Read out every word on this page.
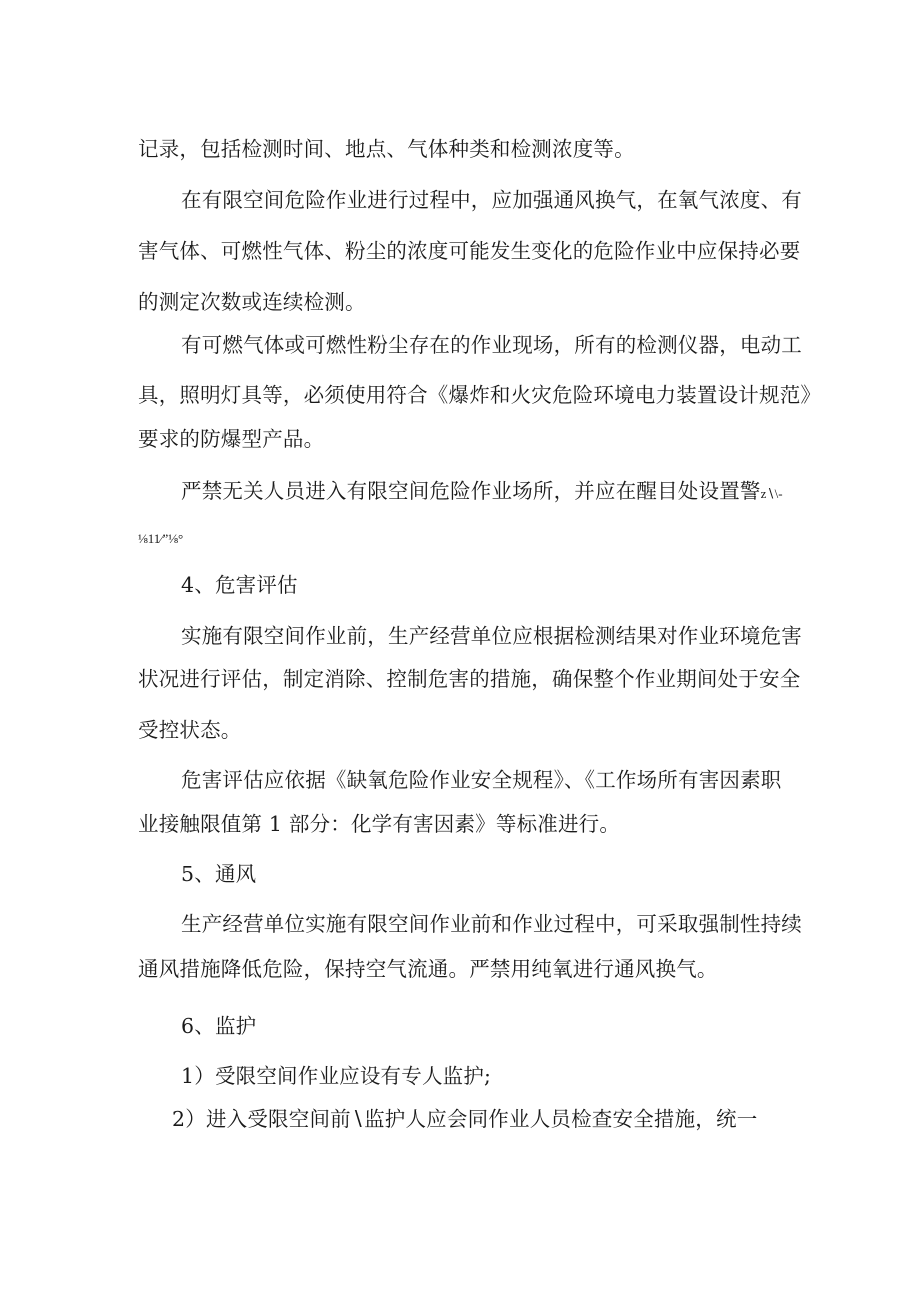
记录，包括检测时间、地点、气体种类和检测浓度等。
在有限空间危险作业进行过程中，应加强通风换气，在氧气浓度、有
害气体、可燃性气体、粉尘的浓度可能发生变化的危险作业中应保持必要
的测定次数或连续检测。
有可燃气体或可燃性粉尘存在的作业现场，所有的检测仪器，电动工
具，照明灯具等，必须使用符合《爆炸和火灾危险环境电力装置设计规范》
要求的防爆型产品。
严禁无关人员进入有限空间危险作业场所，并应在醒目处设置警z∖\-
⅛11∕”⅛°
4、危害评估
实施有限空间作业前，生产经营单位应根据检测结果对作业环境危害
状况进行评估，制定消除、控制危害的措施，确保整个作业期间处于安全
受控状态。
危害评估应依据《缺氧危险作业安全规程》、《工作场所有害因素职
业接触限值第 1 部分：化学有害因素》等标准进行。
5、通风
生产经营单位实施有限空间作业前和作业过程中，可采取强制性持续
通风措施降低危险，保持空气流通。严禁用纯氧进行通风换气。
6、监护
1）受限空间作业应设有专人监护;
2）进入受限空间前∖监护人应会同作业人员检查安全措施，统一
